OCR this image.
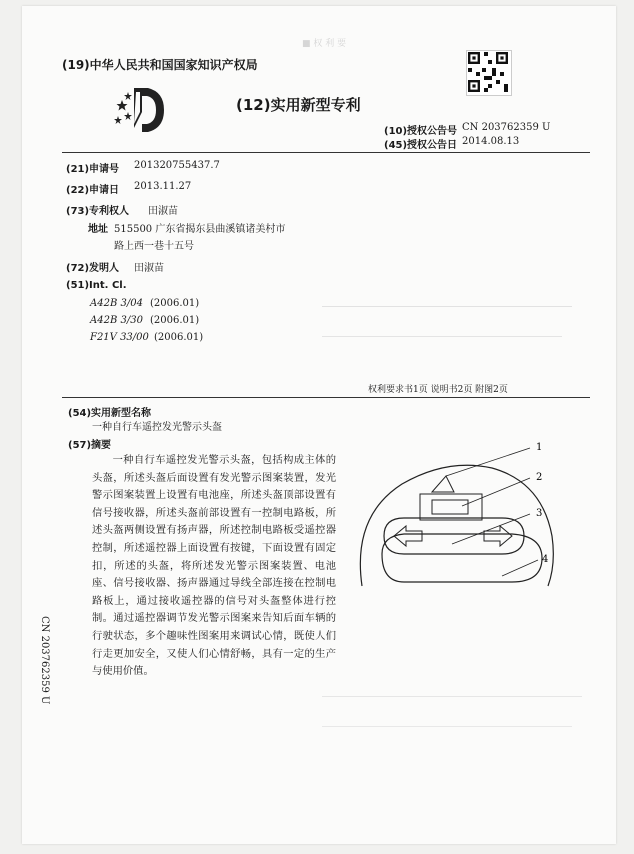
■ 权 利 要
(19)中华人民共和国国家知识产权局
(12)实用新型专利
(10)授权公告号 CN 203762359 U
(45)授权公告日 2014.08.13
(21)申请号 201320755437.7
(22)申请日 2013.11.27
(73)专利权人 田淑苗
地址 515500 广东省揭东县曲溪镇诸美村市
路上西一巷十五号
(72)发明人 田淑苗
(51)Int. Cl.
A42B 3/04 (2006.01)
A42B 3/30 (2006.01)
F21V 33/00 (2006.01)
权利要求书1页 说明书2页 附图2页
(54)实用新型名称
一种自行车遥控发光警示头盔
(57)摘要
一种自行车遥控发光警示头盔，包括构成主体的头盔，所述头盔后面设置有发光警示图案装置，发光警示图案装置上设置有电池座，所述头盔顶部设置有信号接收器，所述头盔前部设置有一控制电路板，所述头盔两侧设置有扬声器，所述控制电路板受遥控器控制，所述遥控器上面设置有按键，下面设置有固定扣，所述的头盔，将所述发光警示图案装置、电池座、信号接收器、扬声器通过导线全部连接在控制电路板上，通过接收遥控器的信号对头盔整体进行控制。通过遥控器调节发光警示图案来告知后面车辆的行驶状态，多个趣味性图案用来调试心情，既使人们行走更加安全，又使人们心情舒畅，具有一定的生产与使用价值。
1
2
3
4
CN 203762359 U
